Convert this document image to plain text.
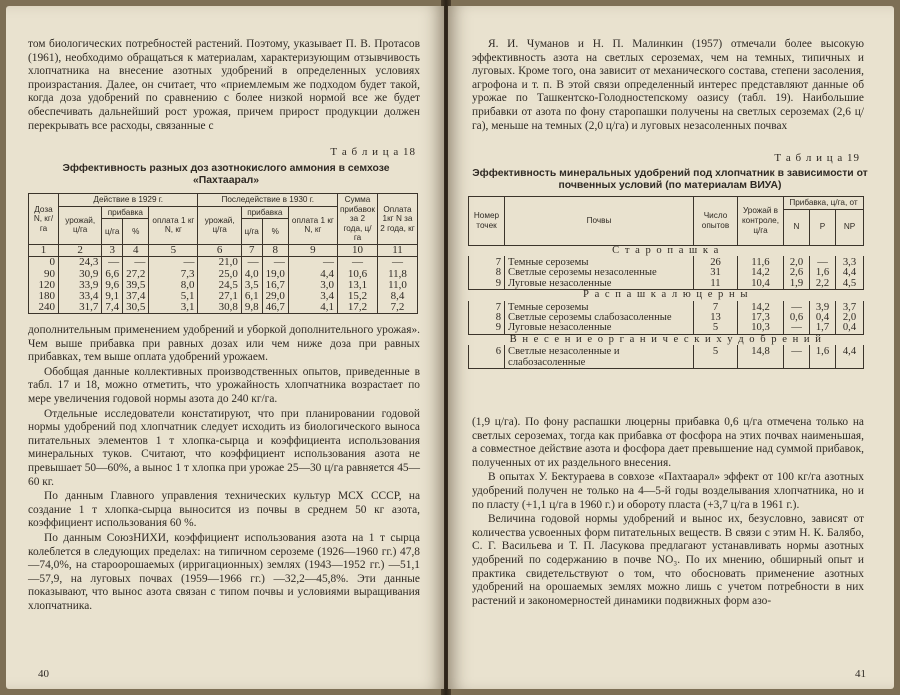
том биологических потребностей растений. Поэтому, указывает П. В. Протасов (1961), необходимо обращаться к материалам, характеризующим отзывчивость хлопчатника на внесение азотных удобрений в определенных условиях произрастания. Далее, он считает, что «приемлемым же подходом будет такой, когда доза удобрений по сравнению с более низкой нормой все же будет обеспечивать дальнейший рост урожая, причем прирост продукции должен перекрывать все расходы, связанные с

Т а б л и ц а 18
Эффективность разных доз азотнокислого аммония в семхозе «Пахтаарал»
Доза N, кг/га	Действие в 1929 г.				Последействие в 1930 г.				Сумма прибавок за 2 года, ц/га	Оплата 1кг N за 2 года, кг
	урожай, ц/га	прибавка		оплата 1 кг N, кг	урожай, ц/га	прибавка		оплата 1 кг N, кг		
		ц/га	%			ц/га	%			
1	2	3	4	5	6	7	8	9	10	11
0	24,3	—	—	—	21,0	—	—	—	—	—
90	30,9	6,6	27,2	7,3	25,0	4,0	19,0	4,4	10,6	11,8
120	33,9	9,6	39,5	8,0	24,5	3,5	16,7	3,0	13,1	11,0
180	33,4	9,1	37,4	5,1	27,1	6,1	29,0	3,4	15,2	8,4
240	31,7	7,4	30,5	3,1	30,8	9,8	46,7	4,1	17,2	7,2

дополнительным применением удобрений и уборкой дополнительного урожая». Чем выше прибавка при равных дозах или чем ниже доза при равных прибавках, тем выше оплата удобрений урожаем.

Обобщая данные коллективных производственных опытов, приведенные в табл. 17 и 18, можно отметить, что урожайность хлопчатника возрастает по мере увеличения годовой нормы азота до 240 кг/га.

Отдельные исследователи констатируют, что при планировании годовой нормы удобрений под хлопчатник следует исходить из биологического выноса питательных элементов 1 т хлопка-сырца и коэффициента использования минеральных туков. Считают, что коэффициент использования азота не превышает 50—60%, а вынос 1 т хлопка при урожае 25—30 ц/га равняется 45—60 кг.

По данным Главного управления технических культур МСХ СССР, на создание 1 т хлопка-сырца выносится из почвы в среднем 50 кг азота, коэффициент использования 60 %.

По данным СоюзНИХИ, коэффициент использования азота на 1 т сырца колеблется в следующих пределах: на типичном сероземе (1926—1960 гг.) 47,8—74,0%, на староорошаемых (ирригационных) землях (1943—1952 гг.) —51,1—57,9, на луговых почвах (1959—1966 гг.) —32,2—45,8%. Эти данные показывают, что вынос азота связан с типом почвы и условиями выращивания хлопчатника.

40

Я. И. Чуманов и Н. П. Малинкин (1957) отмечали более высокую эффективность азота на светлых сероземах, чем на темных, типичных и луговых. Кроме того, она зависит от механического состава, степени засоления, агрофона и т. п. В этой связи определенный интерес представляют данные об урожае по Ташкентско-Голодностепскому оазису (табл. 19). Наибольшие прибавки от азота по фону старопашки получены на светлых сероземах (2,6 ц/га), меньше на темных (2,0 ц/га) и луговых незасоленных почвах

Т а б л и ц а 19
Эффективность минеральных удобрений под хлопчатник в зависимости от почвенных условий (по материалам ВИУА)
Номер точек	Почвы	Число опытов	Урожай в контроле, ц/га	Прибавка, ц/га, от		
				N	P	NP
С т а р о п а ш к а						
7	Темные сероземы	26	11,6	2,0	—	3,3
8	Светлые сероземы незасоленные	31	14,2	2,6	1,6	4,4
9	Луговые незасоленные	11	10,4	1,9	2,2	4,5
Р а с п а ш к а л ю ц е р н ы						
7	Темные сероземы	7	14,2	—	3,9	3,7
8	Светлые сероземы слабозасоленные	13	17,3	0,6	0,4	2,0
9	Луговые незасоленные	5	10,3	—	1,7	0,4
В н е с е н и е о р г а н и ч е с к и х у д о б р е н и й						
6	Светлые незасоленные и слабозасоленные	5	14,8	—	1,6	4,4

(1,9 ц/га). По фону распашки люцерны прибавка 0,6 ц/га отмечена только на светлых сероземах, тогда как прибавка от фосфора на этих почвах наименьшая, а совместное действие азота и фосфора дает превышение над суммой прибавок, полученных от их раздельного внесения.

В опытах У. Бектураева в совхозе «Пахтаарал» эффект от 100 кг/га азотных удобрений получен не только на 4—5-й годы возделывания хлопчатника, но и по пласту (+1,1 ц/га в 1960 г.) и обороту пласта (+3,7 ц/га в 1961 г.).

Величина годовой нормы удобрений и вынос их, безусловно, зависят от количества усвоенных форм питательных веществ. В связи с этим Н. К. Балябо, С. Г. Васильева и Т. П. Ласукова предлагают устанавливать нормы азотных удобрений по содержанию в почве NO₃. По их мнению, обширный опыт и практика свидетельствуют о том, что обосновать применение азотных удобрений на орошаемых землях можно лишь с учетом потребности в них растений и закономерностей динамики подвижных форм азо-

41
